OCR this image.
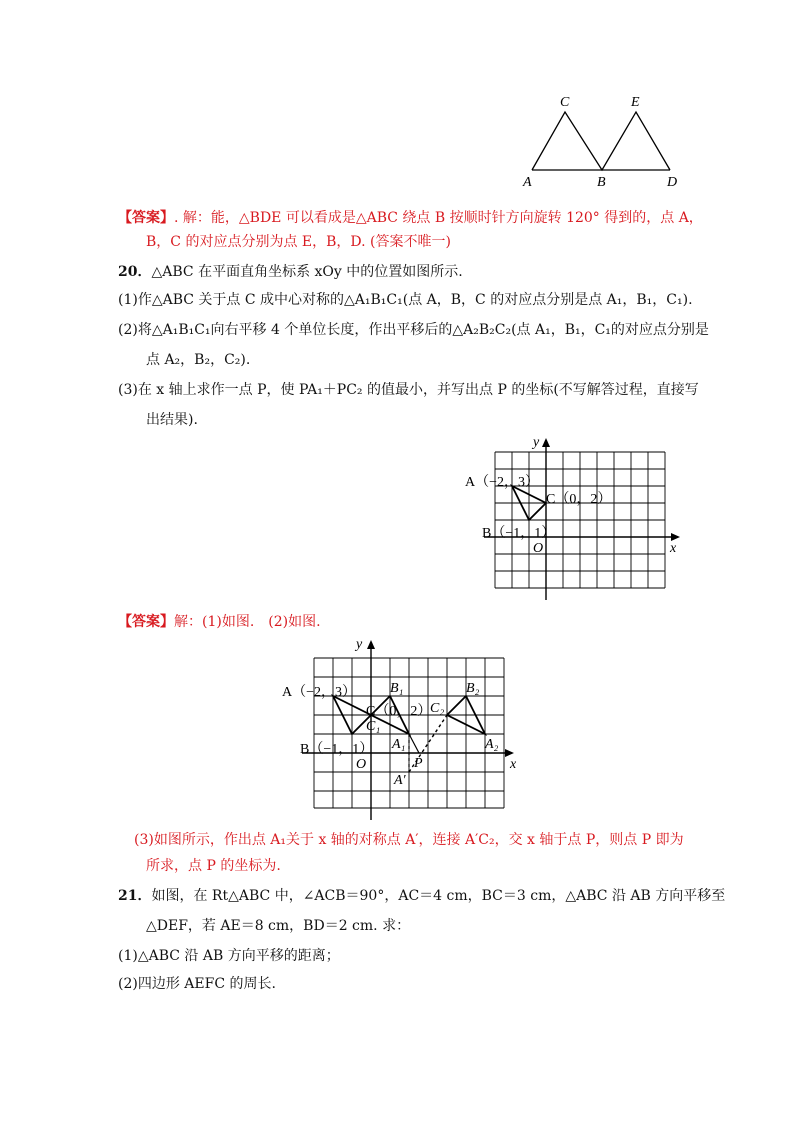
A	B
C
D
E
【答案】. 解：能，△BDE 可以看成是△ABC 绕点 B 按顺时针方向旋转 120° 得到的，点 A，
B，C 的对应点分别为点 E，B，D. (答案不唯一)
20．△ABC 在平面直角坐标系 xOy 中的位置如图所示.
(1)作△ABC 关于点 C 成中心对称的△A₁B₁C₁(点 A，B，C 的对应点分别是点 A₁，B₁，C₁).
(2)将△A₁B₁C₁向右平移 4 个单位长度，作出平移后的△A₂B₂C₂(点 A₁，B₁，C₁的对应点分别是
点 A₂，B₂，C₂).
(3)在 x 轴上求作一点 P，使 PA₁＋PC₂ 的值最小，并写出点 P 的坐标(不写解答过程，直接写
出结果).
y
x
O
A（−2，3）
B（−1，1）
C（0，2）
【答案】解：(1)如图.　(2)如图.
y
x
O
A（−2，3）
B（−1，1）
C（0，2）
A₁
B₁
C₁
A₂
B₂
C₂
P
A′
(3)如图所示，作出点 A₁关于 x 轴的对称点 A′，连接 A′C₂，交 x 轴于点 P，则点 P 即为
所求，点 P 的坐标为.
21．如图，在 Rt△ABC 中，∠ACB＝90°，AC＝4 cm，BC＝3 cm，△ABC 沿 AB 方向平移至
△DEF，若 AE＝8 cm，BD＝2 cm. 求：
(1)△ABC 沿 AB 方向平移的距离；
(2)四边形 AEFC 的周长.
